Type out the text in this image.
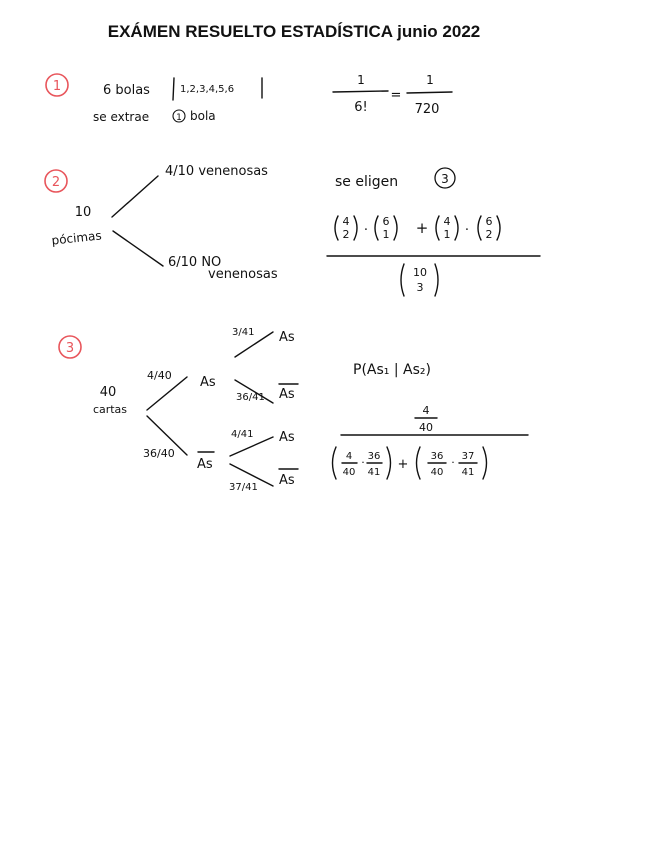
EXÁMEN RESUELTO ESTADÍSTICA junio 2022
1	6 bolas	1,2,3,4,5,6
se extrae	1 bola
1
6!
=
1
720
2
10
pócimas
4/10 venenosas
6/10 NO
venenosas
se eligen	3
4
2 ·
6
1 + 4
1 ·
6
2
10
3
3
40
cartas
4/40
36/40
As
As
3/41
36/41
As
As
4/41
37/41
As
As
P(As₁ | As₂)
4
40
4
40
· 36
41
+
36
40
· 37
41
